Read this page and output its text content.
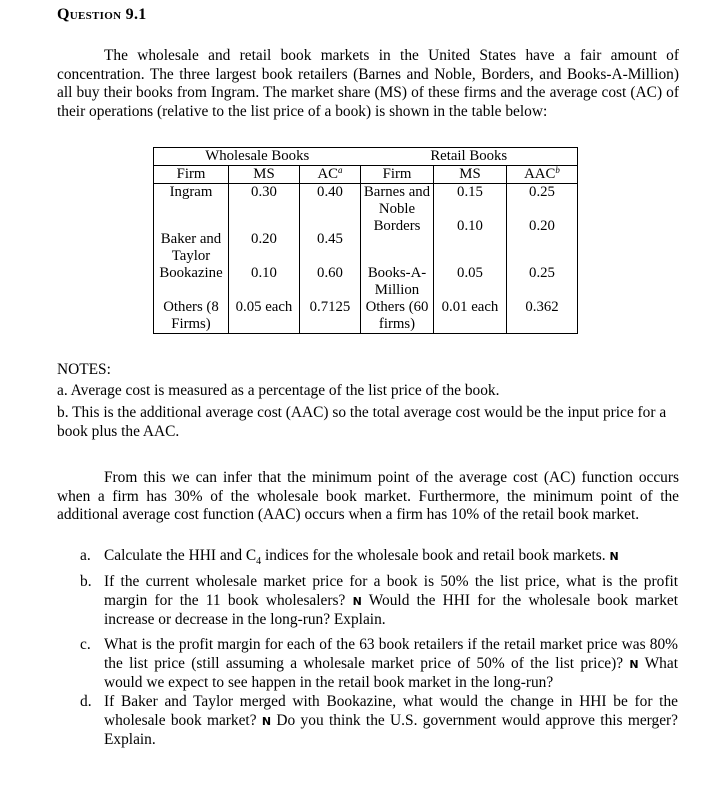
Question 9.1

The wholesale and retail book markets in the United States have a fair amount of concentration. The three largest book retailers (Barnes and Noble, Borders, and Books-A-Million) all buy their books from Ingram. The market share (MS) of these firms and the average cost (AC) of their operations (relative to the list price of a book) is shown in the table below:

Wholesale Books			Retail Books		
Firm	MS	$AC^a$	Firm	MS	AAC$^b$
Ingram	0.30	0.40	Barnes and Noble	0.15	0.25
Baker and Taylor	0.20	0.45	Borders	0.10	0.20
Bookazine	0.10	0.60	Books-A-Million	0.05	0.25
Others (8 Firms)	0.05 each	0.7125	Others (60 firms)	0.01 each	0.362
NOTES:

a. Average cost is measured as a percentage of the list price of the book.

b. This is the additional average cost (AAC) so the total average cost would be the input price for a book plus the AAC.

From this we can infer that the minimum point of the average cost (AC) function occurs when a firm has 30% of the wholesale book market. Furthermore, the minimum point of the additional average cost function (AAC) occurs when a firm has 10% of the retail book market.

a. Calculate the HHI and $C_4$ indices for the wholesale book and retail book markets. N
b. If the current wholesale market price for a book is 50% the list price, what is the profit margin for the 11 book wholesalers? N Would the HHI for the wholesale book market increase or decrease in the long-run? Explain.
c. What is the profit margin for each of the 63 book retailers if the retail market price was 80% the list price (still assuming a wholesale market price of 50% of the list price)? N What would we expect to see happen in the retail book market in the long-run?
d. If Baker and Taylor merged with Bookazine, what would the change in HHI be for the wholesale book market? N Do you think the U.S. government would approve this merger? Explain.
